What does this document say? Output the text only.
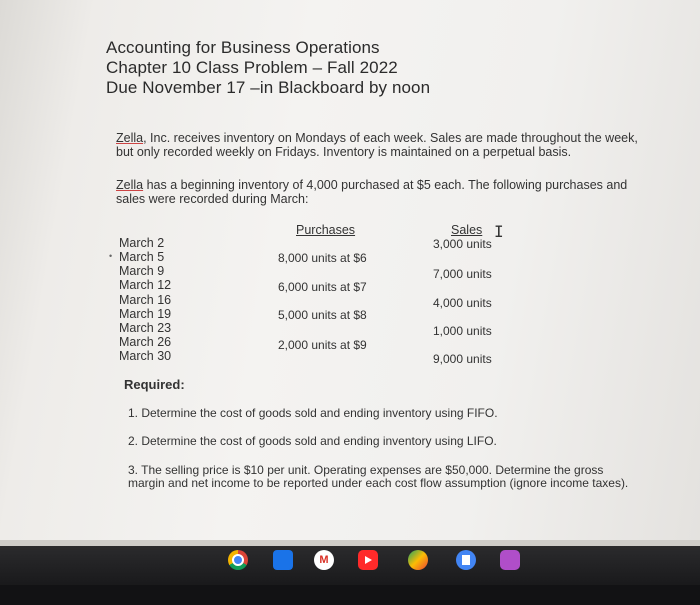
Accounting for Business Operations
Chapter 10 Class Problem – Fall 2022
Due November 17 –in Blackboard by noon
Zella, Inc. receives inventory on Mondays of each week. Sales are made throughout the week,
but only recorded weekly on Fridays. Inventory is maintained on a perpetual basis.
Zella has a beginning inventory of 4,000 purchased at $5 each. The following purchases and
sales were recorded during March:
Purchases	Sales I
•
March 2
March 5
March 9
March 12
March 16
March 19
March 23
March 26
March 30
8,000 units at $6
6,000 units at $7
5,000 units at $8
2,000 units at $9
3,000 units
7,000 units
4,000 units
1,000 units
9,000 units
Required:
1. Determine the cost of goods sold and ending inventory using FIFO.
2. Determine the cost of goods sold and ending inventory using LIFO.
3. The selling price is $10 per unit. Operating expenses are $50,000. Determine the gross
margin and net income to be reported under each cost flow assumption (ignore income taxes).
M
